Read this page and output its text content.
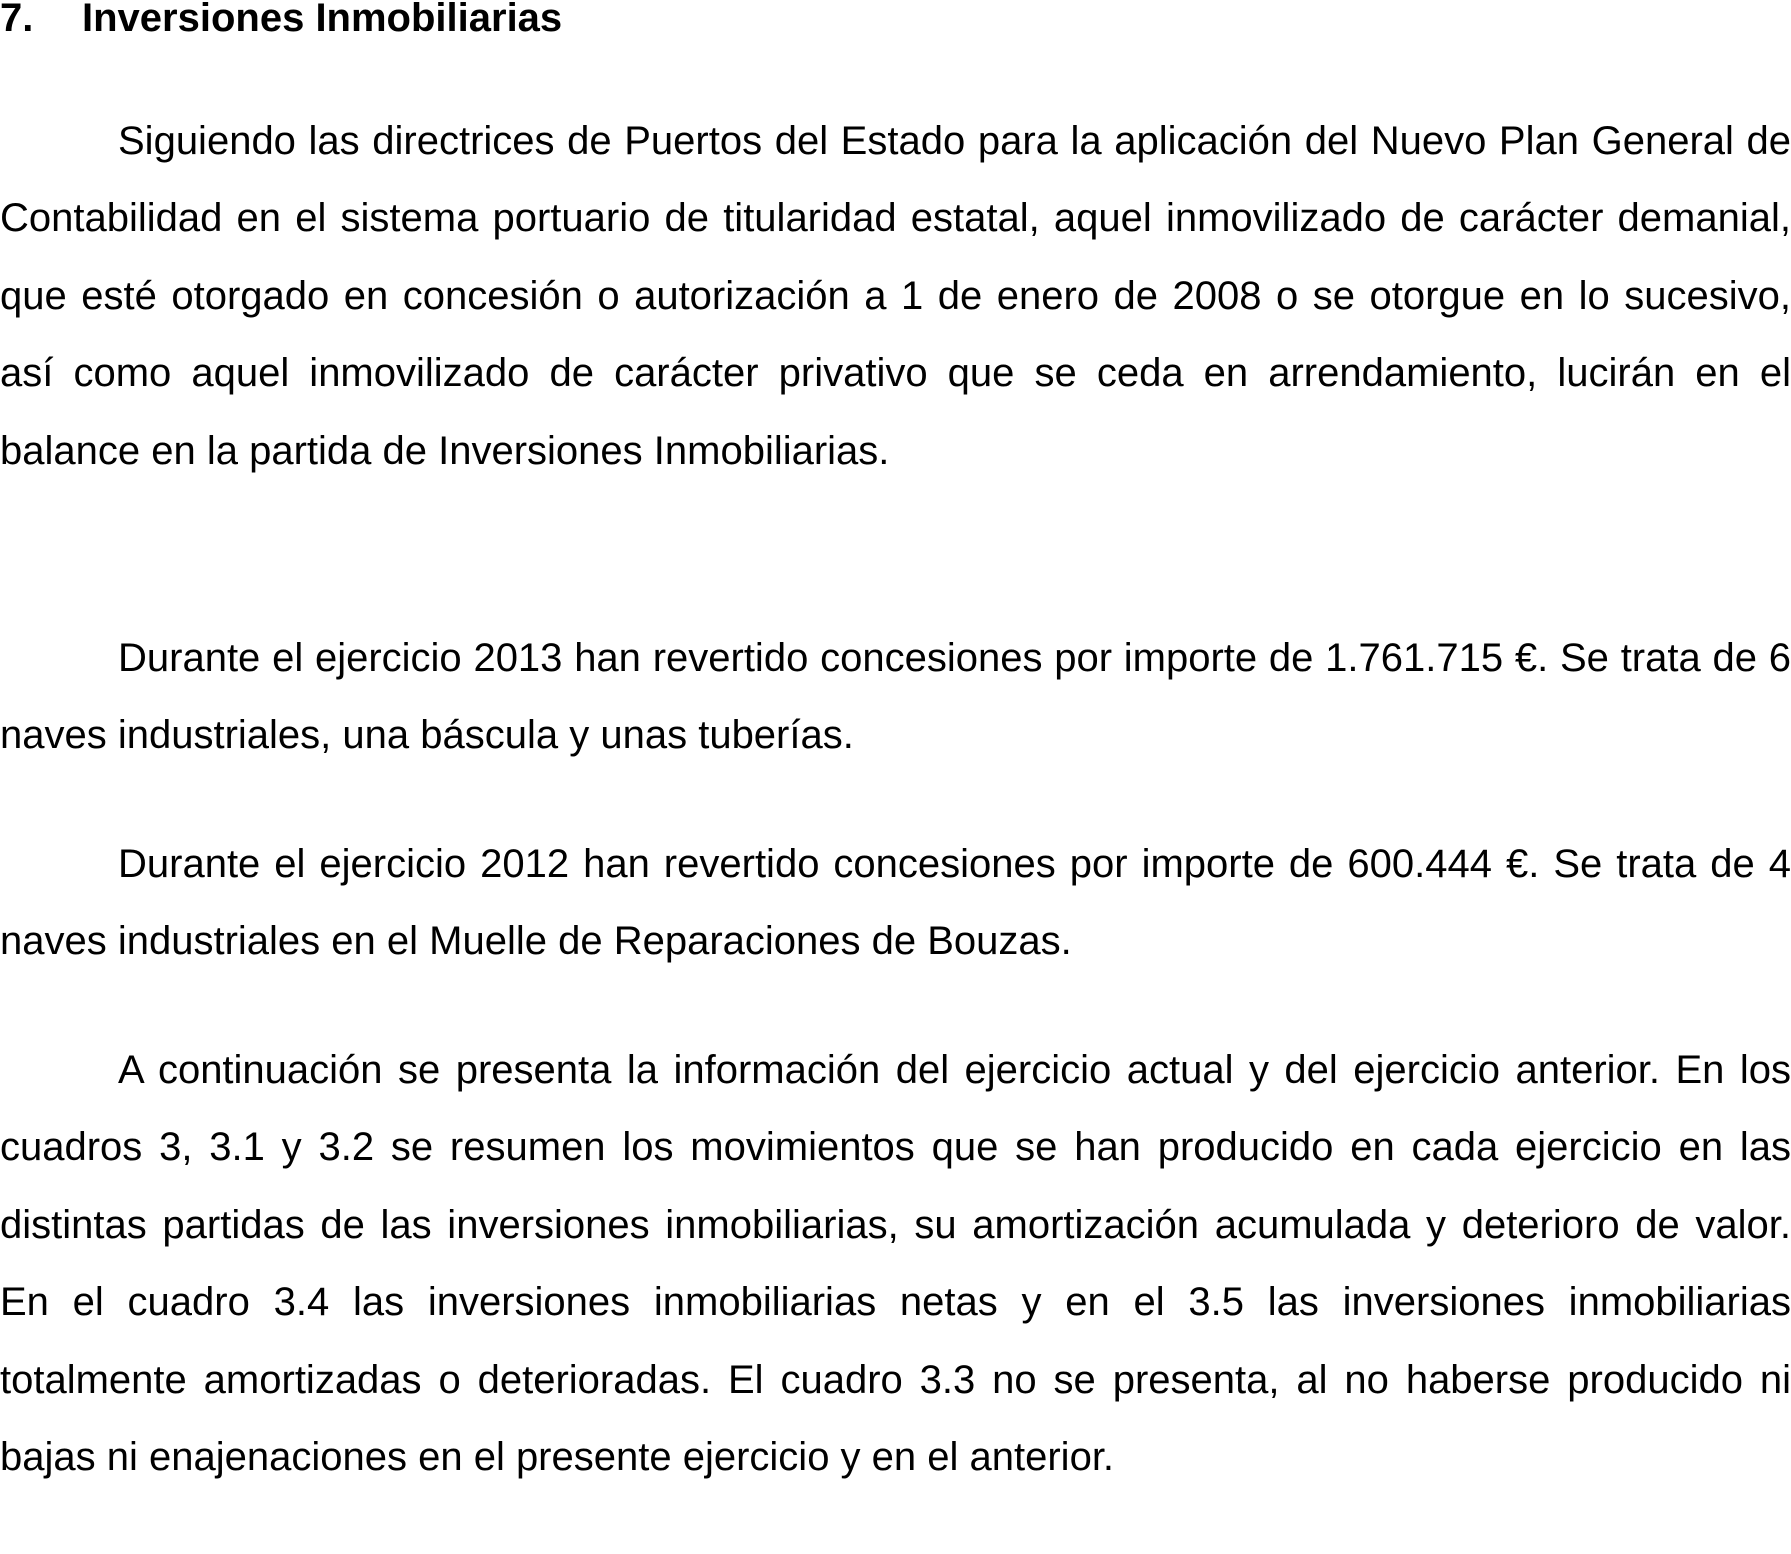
7. Inversiones Inmobiliarias

Siguiendo las directrices de Puertos del Estado para la aplicación del Nuevo Plan General de Contabilidad en el sistema portuario de titularidad estatal, aquel inmovilizado de carácter demanial, que esté otorgado en concesión o autorización a 1 de enero de 2008 o se otorgue en lo sucesivo, así como aquel inmovilizado de carácter privativo que se ceda en arrendamiento, lucirán en el balance en la partida de Inversiones Inmobiliarias.

Durante el ejercicio 2013 han revertido concesiones por importe de 1.761.715 €. Se trata de 6 naves industriales, una báscula y unas tuberías.

Durante el ejercicio 2012 han revertido concesiones por importe de 600.444 €. Se trata de 4 naves industriales en el Muelle de Reparaciones de Bouzas.

A continuación se presenta la información del ejercicio actual y del ejercicio anterior. En los cuadros 3, 3.1 y 3.2 se resumen los movimientos que se han producido en cada ejercicio en las distintas partidas de las inversiones inmobiliarias, su amortización acumulada y deterioro de valor. En el cuadro 3.4 las inversiones inmobiliarias netas y en el 3.5 las inversiones inmobiliarias totalmente amortizadas o deterioradas. El cuadro 3.3 no se presenta, al no haberse producido ni bajas ni enajenaciones en el presente ejercicio y en el anterior.
